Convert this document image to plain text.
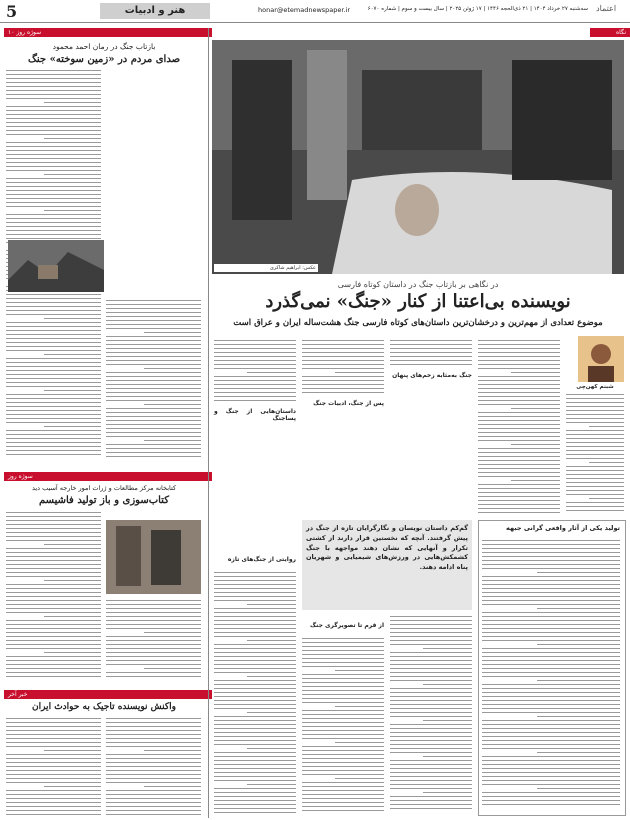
5	هنر و ادبیات	honar@etemadnewspaper.ir	سه‌شنبه ۲۷ خرداد ۱۴۰۴ | ۲۱ ذی‌الحجه ۱۴۴۶ | ۱۷ ژوئن ۲۰۲۵ | سال بیست و سوم | شماره ۶۰۷۰ اعتماد
سوژه روز ۱۰
بازتاب جنگ در رمان احمد محمود
صدای مردم در «زمین سوخته» جنگ
سوژه روز
کتابخانه مرکز مطالعات و ژرات امور خارجه آسیب دید
کتاب‌سوزی و باز تولید فاشیسم
خبر آخر
واکنش نویسنده تاجیک به حوادث ایران
نگاه
عکس: ابراهیم شاکری
در نگاهی بر بازتاب جنگ در داستان کوتاه فارسی
نویسنده بی‌اعتنا از کنار «جنگ» نمی‌گذرد
موضوع تعدادی از مهم‌ترین و درخشان‌ترین داستان‌های کوتاه فارسی جنگ هشت‌ساله ایران و عراق است
شبنم کهن‌چی
جنگ به‌مثابه زخم‌های پنهان
پس از جنگ، ادبیات جنگ
داستان‌هایی از جنگ و پساجنگ
روایتی از جنگ‌های تازه
از قرم تا تصویرگری جنگ
گم‌کم داستان نویسان و نگارگرایان تازه از جنگ در پیش گرفتند. آنچه که نخستین قرار دارند از کشتی تکرار و آنهایی که نشان دهند مواجهه با جنگ کشمکش‌هایی در ورزش‌های شیمیایی و شهریان پناه ادامه دهند.
تولید یکی از آثار واقعی گرانی جبهه
